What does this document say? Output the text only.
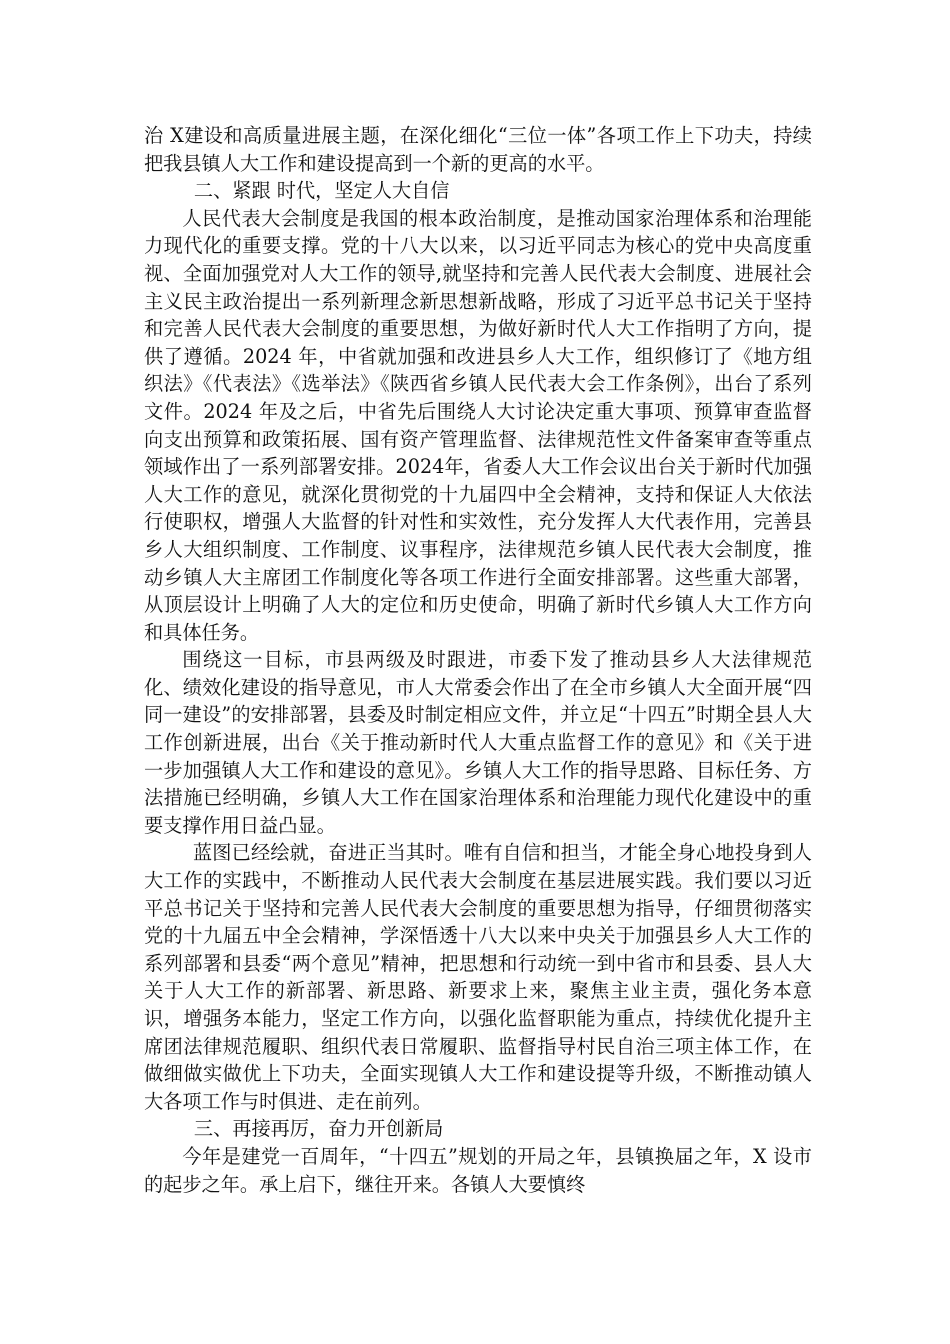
治 X建设和高质量进展主题，在深化细化“三位一体”各项工作上下功夫，持续把我县镇人大工作和建设提高到一个新的更高的水平。

二、紧跟 时代，坚定人大自信

人民代表大会制度是我国的根本政治制度，是推动国家治理体系和治理能力现代化的重要支撑。党的十八大以来，以习近平同志为核心的党中央高度重视、全面加强党对人大工作的领导,就坚持和完善人民代表大会制度、进展社会主义民主政治提出一系列新理念新思想新战略，形成了习近平总书记关于坚持和完善人民代表大会制度的重要思想，为做好新时代人大工作指明了方向，提供了遵循。2024 年，中省就加强和改进县乡人大工作，组织修订了《地方组织法》《代表法》《选举法》《陕西省乡镇人民代表大会工作条例》，出台了系列文件。2024 年及之后，中省先后围绕人大讨论决定重大事项、预算审查监督向支出预算和政策拓展、国有资产管理监督、法律规范性文件备案审查等重点领域作出了一系列部署安排。2024年，省委人大工作会议出台关于新时代加强人大工作的意见，就深化贯彻党的十九届四中全会精神，支持和保证人大依法行使职权，增强人大监督的针对性和实效性，充分发挥人大代表作用，完善县乡人大组织制度、工作制度、议事程序，法律规范乡镇人民代表大会制度，推动乡镇人大主席团工作制度化等各项工作进行全面安排部署。这些重大部署，从顶层设计上明确了人大的定位和历史使命，明确了新时代乡镇人大工作方向和具体任务。

围绕这一目标，市县两级及时跟进，市委下发了推动县乡人大法律规范化、绩效化建设的指导意见，市人大常委会作出了在全市乡镇人大全面开展“四同一建设”的安排部署，县委及时制定相应文件，并立足“十四五”时期全县人大工作创新进展，出台《关于推动新时代人大重点监督工作的意见》和《关于进一步加强镇人大工作和建设的意见》。乡镇人大工作的指导思路、目标任务、方法措施已经明确，乡镇人大工作在国家治理体系和治理能力现代化建设中的重要支撑作用日益凸显。

蓝图已经绘就，奋进正当其时。唯有自信和担当，才能全身心地投身到人大工作的实践中，不断推动人民代表大会制度在基层进展实践。我们要以习近平总书记关于坚持和完善人民代表大会制度的重要思想为指导，仔细贯彻落实党的十九届五中全会精神，学深悟透十八大以来中央关于加强县乡人大工作的系列部署和县委“两个意见”精神，把思想和行动统一到中省市和县委、县人大关于人大工作的新部署、新思路、新要求上来，聚焦主业主责，强化务本意识，增强务本能力，坚定工作方向，以强化监督职能为重点，持续优化提升主席团法律规范履职、组织代表日常履职、监督指导村民自治三项主体工作，在做细做实做优上下功夫，全面实现镇人大工作和建设提等升级，不断推动镇人大各项工作与时俱进、走在前列。

三、再接再厉，奋力开创新局

今年是建党一百周年，“十四五”规划的开局之年，县镇换届之年，X 设市的起步之年。承上启下，继往开来。各镇人大要慎终
